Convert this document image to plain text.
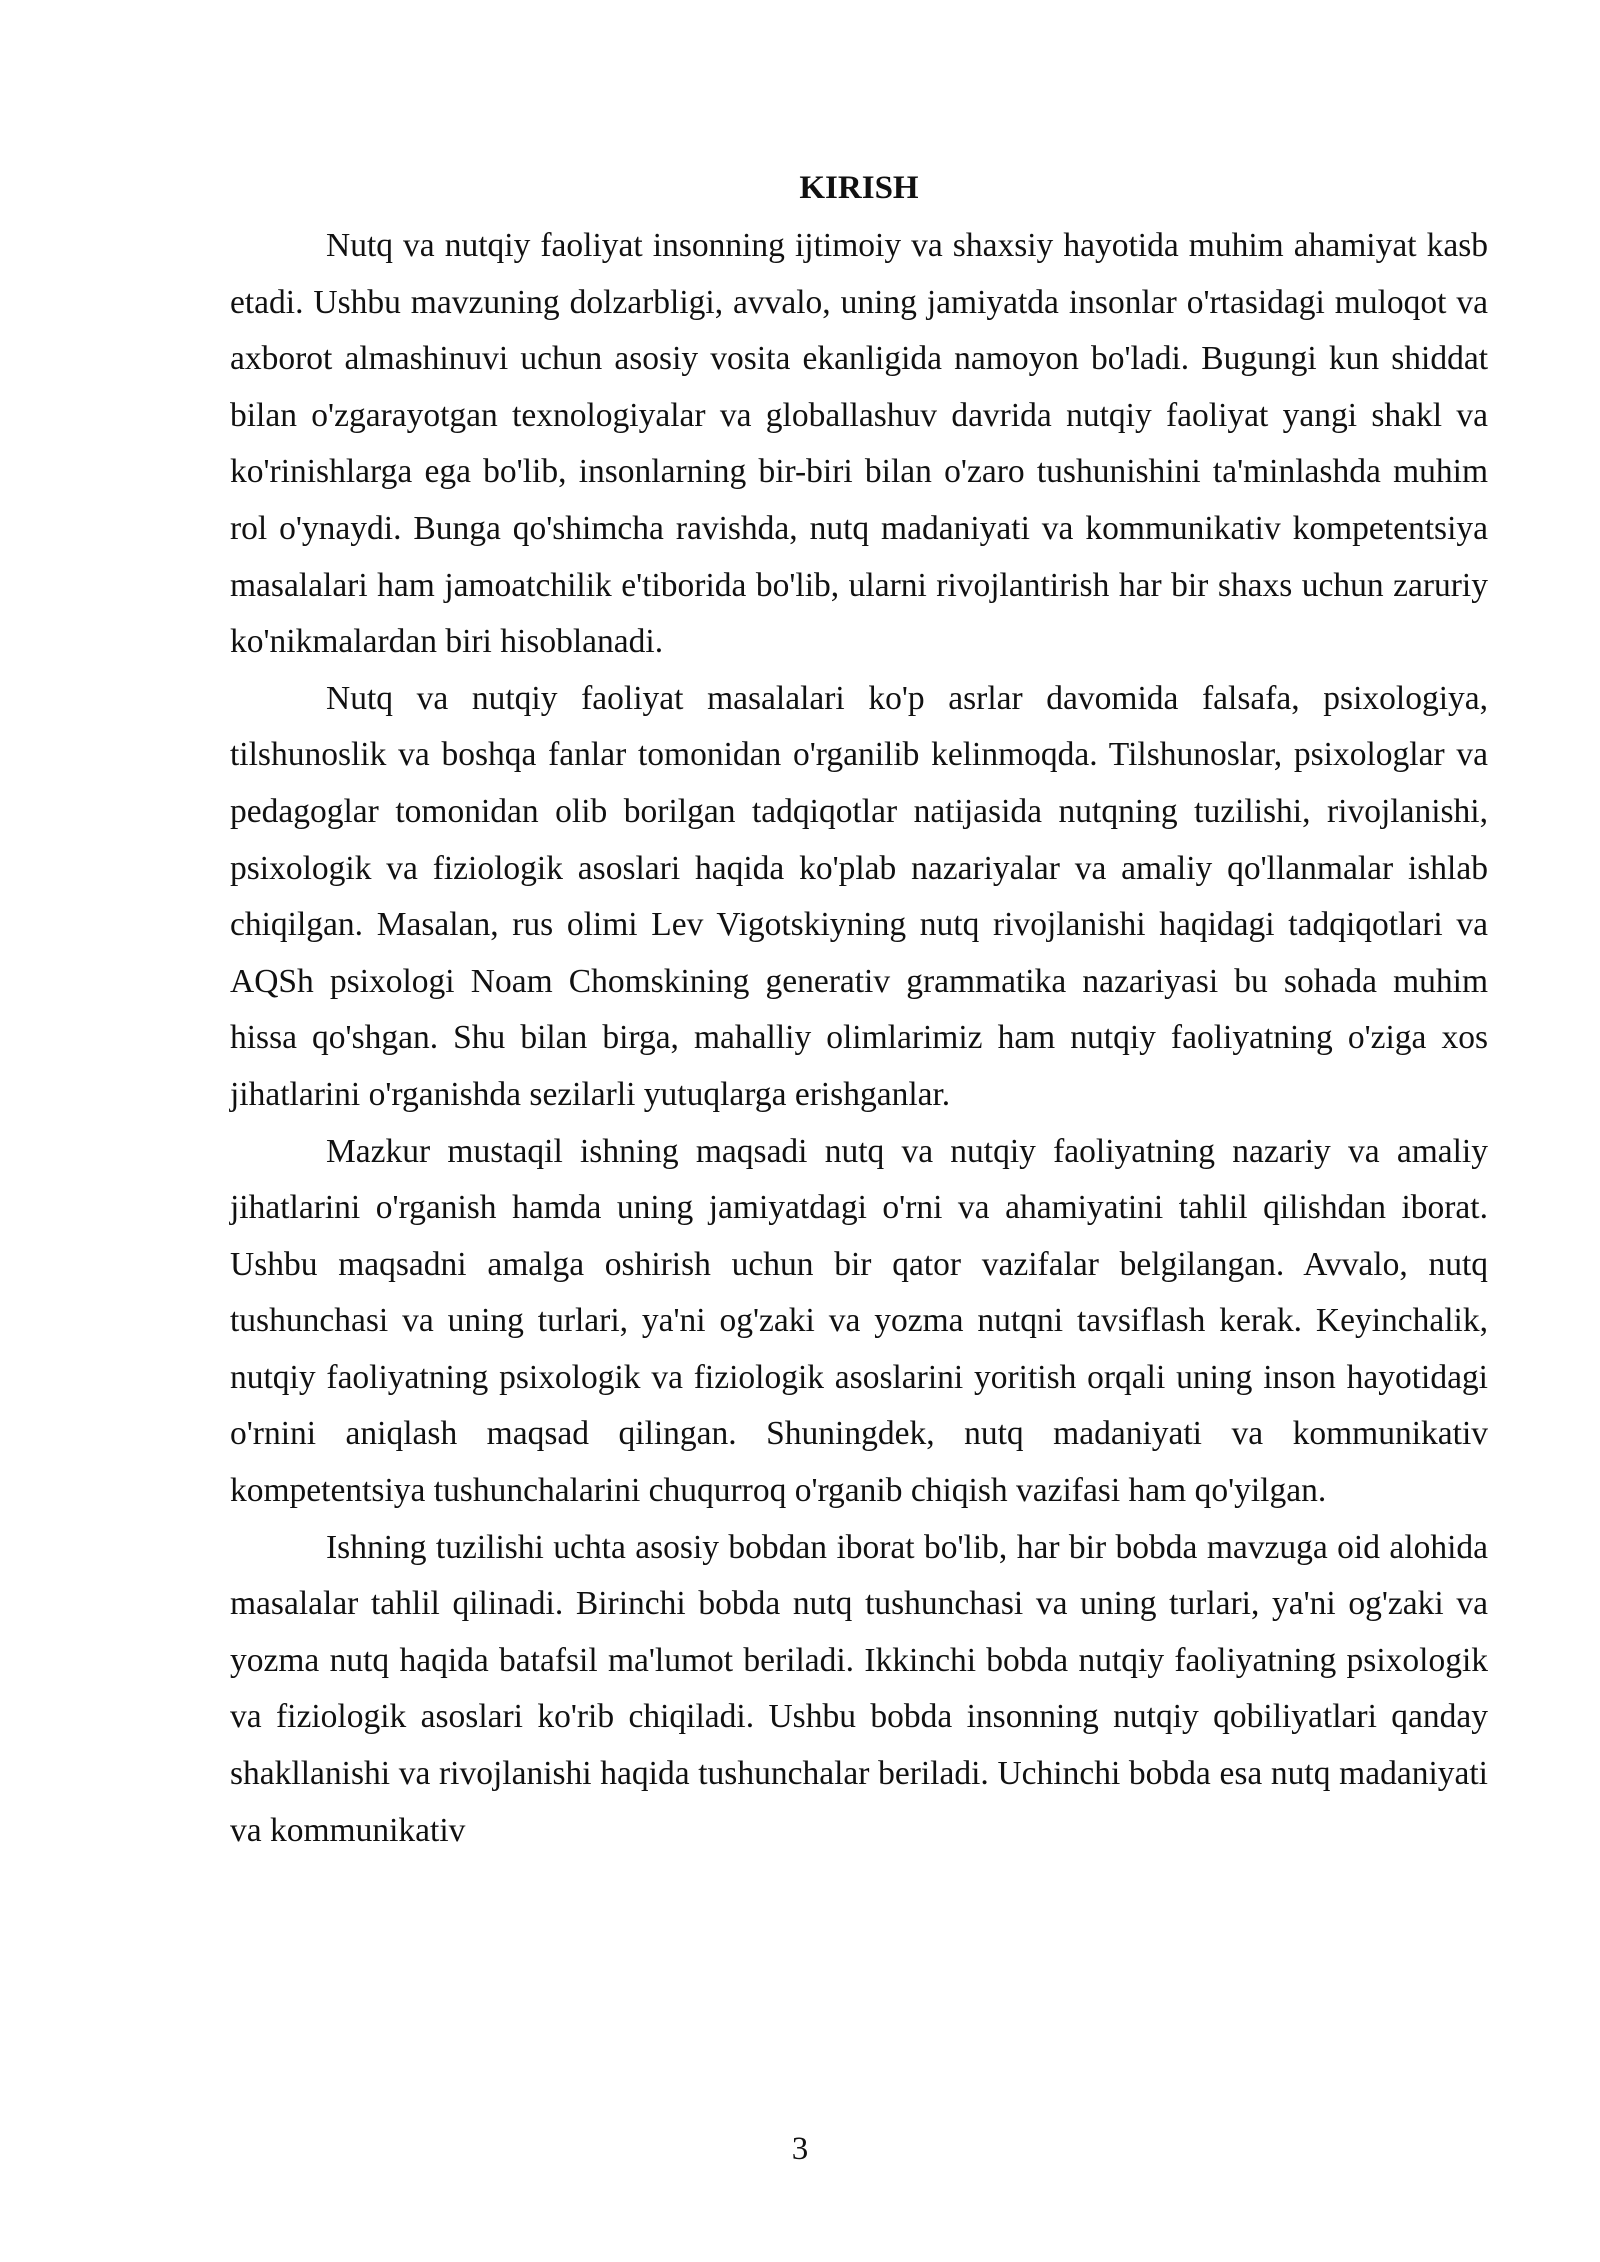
KIRISH

Nutq va nutqiy faoliyat insonning ijtimoiy va shaxsiy hayotida muhim ahamiyat kasb etadi. Ushbu mavzuning dolzarbligi, avvalo, uning jamiyatda insonlar o'rtasidagi muloqot va axborot almashinuvi uchun asosiy vosita ekanligida namoyon bo'ladi. Bugungi kun shiddat bilan o'zgarayotgan texnologiyalar va globallashuv davrida nutqiy faoliyat yangi shakl va ko'rinishlarga ega bo'lib, insonlarning bir-biri bilan o'zaro tushunishini ta'minlashda muhim rol o'ynaydi. Bunga qo'shimcha ravishda, nutq madaniyati va kommunikativ kompetentsiya masalalari ham jamoatchilik e'tiborida bo'lib, ularni rivojlantirish har bir shaxs uchun zaruriy ko'nikmalardan biri hisoblanadi.

Nutq va nutqiy faoliyat masalalari ko'p asrlar davomida falsafa, psixologiya, tilshunoslik va boshqa fanlar tomonidan o'rganilib kelinmoqda. Tilshunoslar, psixologlar va pedagoglar tomonidan olib borilgan tadqiqotlar natijasida nutqning tuzilishi, rivojlanishi, psixologik va fiziologik asoslari haqida ko'plab nazariyalar va amaliy qo'llanmalar ishlab chiqilgan. Masalan, rus olimi Lev Vigotskiyning nutq rivojlanishi haqidagi tadqiqotlari va AQSh psixologi Noam Chomskining generativ grammatika nazariyasi bu sohada muhim hissa qo'shgan. Shu bilan birga, mahalliy olimlarimiz ham nutqiy faoliyatning o'ziga xos jihatlarini o'rganishda sezilarli yutuqlarga erishganlar.

Mazkur mustaqil ishning maqsadi nutq va nutqiy faoliyatning nazariy va amaliy jihatlarini o'rganish hamda uning jamiyatdagi o'rni va ahamiyatini tahlil qilishdan iborat. Ushbu maqsadni amalga oshirish uchun bir qator vazifalar belgilangan. Avvalo, nutq tushunchasi va uning turlari, ya'ni og'zaki va yozma nutqni tavsiflash kerak. Keyinchalik, nutqiy faoliyatning psixologik va fiziologik asoslarini yoritish orqali uning inson hayotidagi o'rnini aniqlash maqsad qilingan. Shuningdek, nutq madaniyati va kommunikativ kompetentsiya tushunchalarini chuqurroq o'rganib chiqish vazifasi ham qo'yilgan.

Ishning tuzilishi uchta asosiy bobdan iborat bo'lib, har bir bobda mavzuga oid alohida masalalar tahlil qilinadi. Birinchi bobda nutq tushunchasi va uning turlari, ya'ni og'zaki va yozma nutq haqida batafsil ma'lumot beriladi. Ikkinchi bobda nutqiy faoliyatning psixologik va fiziologik asoslari ko'rib chiqiladi. Ushbu bobda insonning nutqiy qobiliyatlari qanday shakllanishi va rivojlanishi haqida tushunchalar beriladi. Uchinchi bobda esa nutq madaniyati va kommunikativ

3
